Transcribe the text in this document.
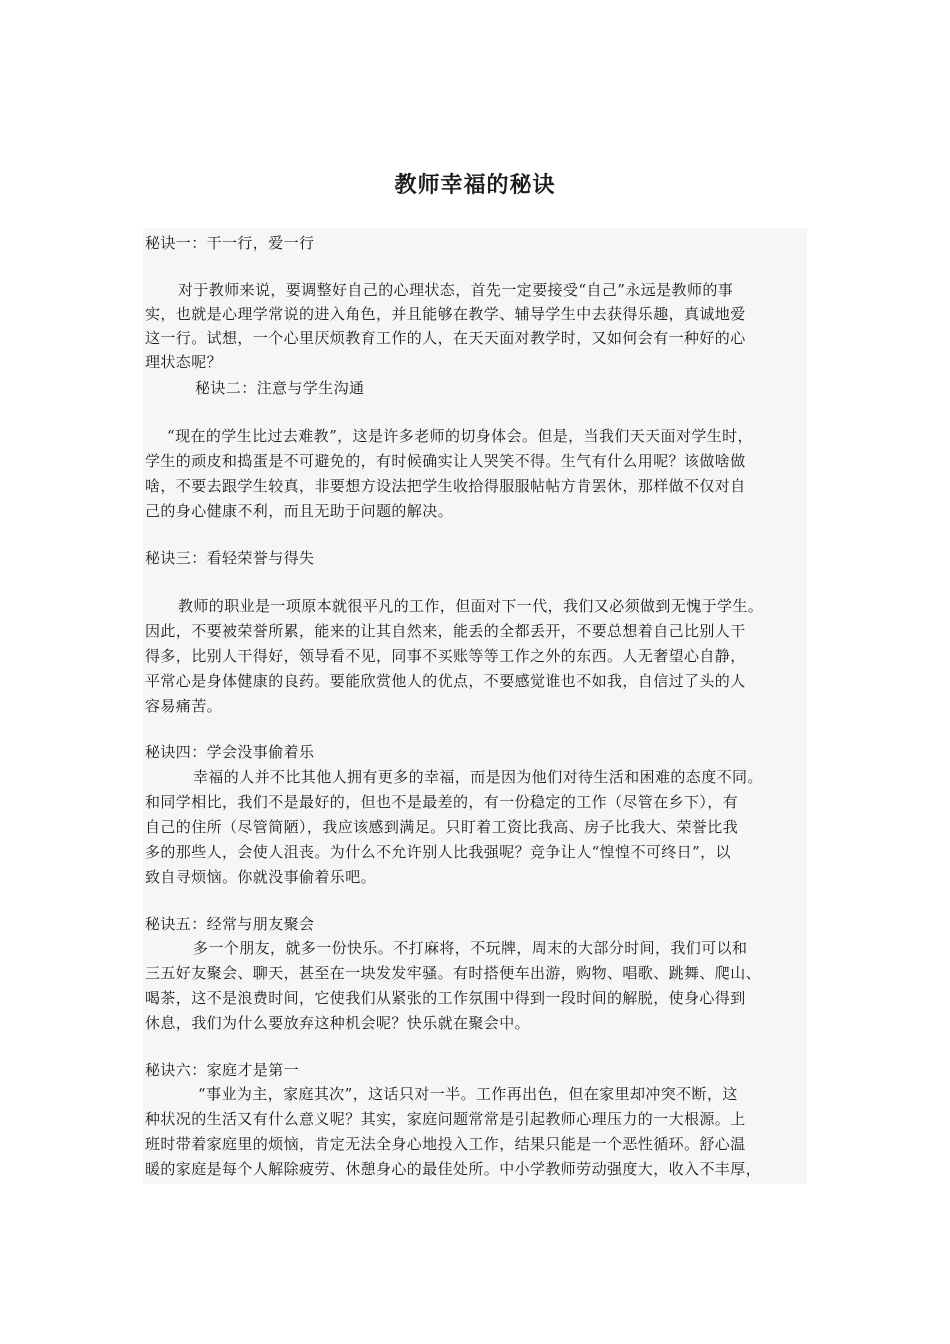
教师幸福的秘诀
秘诀一：干一行，爱一行
对于教师来说，要调整好自己的心理状态，首先一定要接受“自己”永远是教师的事
实，也就是心理学常说的进入角色，并且能够在教学、辅导学生中去获得乐趣，真诚地爱
这一行。试想，一个心里厌烦教育工作的人，在天天面对教学时，又如何会有一种好的心
理状态呢？
秘诀二：注意与学生沟通
“现在的学生比过去难教”，这是许多老师的切身体会。但是，当我们天天面对学生时，
学生的顽皮和捣蛋是不可避免的，有时候确实让人哭笑不得。生气有什么用呢？该做啥做
啥，不要去跟学生较真，非要想方设法把学生收拾得服服帖帖方肯罢休，那样做不仅对自
己的身心健康不利，而且无助于问题的解决。
秘诀三：看轻荣誉与得失
教师的职业是一项原本就很平凡的工作，但面对下一代，我们又必须做到无愧于学生。
因此，不要被荣誉所累，能来的让其自然来，能丢的全都丢开，不要总想着自己比别人干
得多，比别人干得好，领导看不见，同事不买账等等工作之外的东西。人无奢望心自静，
平常心是身体健康的良药。要能欣赏他人的优点，不要感觉谁也不如我，自信过了头的人
容易痛苦。
秘诀四：学会没事偷着乐
幸福的人并不比其他人拥有更多的幸福，而是因为他们对待生活和困难的态度不同。
和同学相比，我们不是最好的，但也不是最差的，有一份稳定的工作（尽管在乡下），有
自己的住所（尽管简陋），我应该感到满足。只盯着工资比我高、房子比我大、荣誉比我
多的那些人，会使人沮丧。为什么不允许别人比我强呢？竞争让人“惶惶不可终日”，以
致自寻烦恼。你就没事偷着乐吧。
秘诀五：经常与朋友聚会
多一个朋友，就多一份快乐。不打麻将，不玩牌，周末的大部分时间，我们可以和
三五好友聚会、聊天，甚至在一块发发牢骚。有时搭便车出游，购物、唱歌、跳舞、爬山、
喝茶，这不是浪费时间，它使我们从紧张的工作氛围中得到一段时间的解脱，使身心得到
休息，我们为什么要放弃这种机会呢？快乐就在聚会中。
秘诀六：家庭才是第一
“事业为主，家庭其次”，这话只对一半。工作再出色，但在家里却冲突不断，这
种状况的生活又有什么意义呢？其实，家庭问题常常是引起教师心理压力的一大根源。上
班时带着家庭里的烦恼，肯定无法全身心地投入工作，结果只能是一个恶性循环。舒心温
暖的家庭是每个人解除疲劳、休憩身心的最佳处所。中小学教师劳动强度大，收入不丰厚，
